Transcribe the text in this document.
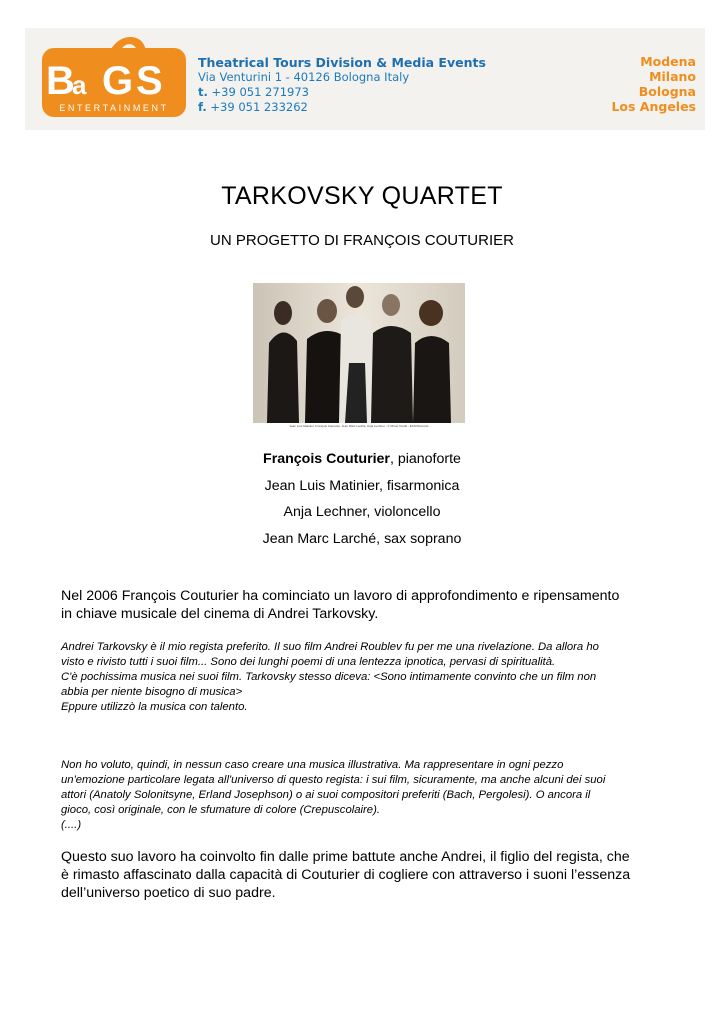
B
a G S
ENTERTAINMENT
Theatrical Tours Division & Media Events
Via Venturini 1 - 40126 Bologna Italy
t. +39 051 271973
f. +39 051 233262
Modena
Milano
Bologna
Los Angeles
TARKOVSKY QUARTET
UN PROGETTO DI FRANÇOIS COUTURIER
Jean Luis Matinier, François Couturier, Jean Marc Larché, Anja Lechner - © Photo Credit - ECM Records
François Couturier, pianoforte
Jean Luis Matinier, fisarmonica
Anja Lechner, violoncello
Jean Marc Larché, sax soprano
Nel 2006 François Couturier ha cominciato un lavoro di approfondimento e ripensamento
in chiave musicale del cinema di Andrei Tarkovsky.
Andrei Tarkovsky è il mio regista preferito. Il suo film Andrei Roublev fu per me una rivelazione. Da allora ho
visto e rivisto tutti i suoi film... Sono dei lunghi poemi di una lentezza ipnotica, pervasi di spiritualità.
C'è pochissima musica nei suoi film. Tarkovsky stesso diceva: <Sono intimamente convinto che un film non
abbia per niente bisogno di musica>
Eppure utilizzò la musica con talento.
Non ho voluto, quindi, in nessun caso creare una musica illustrativa. Ma rappresentare in ogni pezzo
un'emozione particolare legata all'universo di questo regista: i sui film, sicuramente, ma anche alcuni dei suoi
attori (Anatoly Solonitsyne, Erland Josephson) o ai suoi compositori preferiti (Bach, Pergolesi). O ancora il
gioco, così originale, con le sfumature di colore (Crepuscolaire).
(....)
Questo suo lavoro ha coinvolto fin dalle prime battute anche Andrei, il figlio del regista, che
è rimasto affascinato dalla capacità di Couturier di cogliere con attraverso i suoni l’essenza
dell’universo poetico di suo padre.
